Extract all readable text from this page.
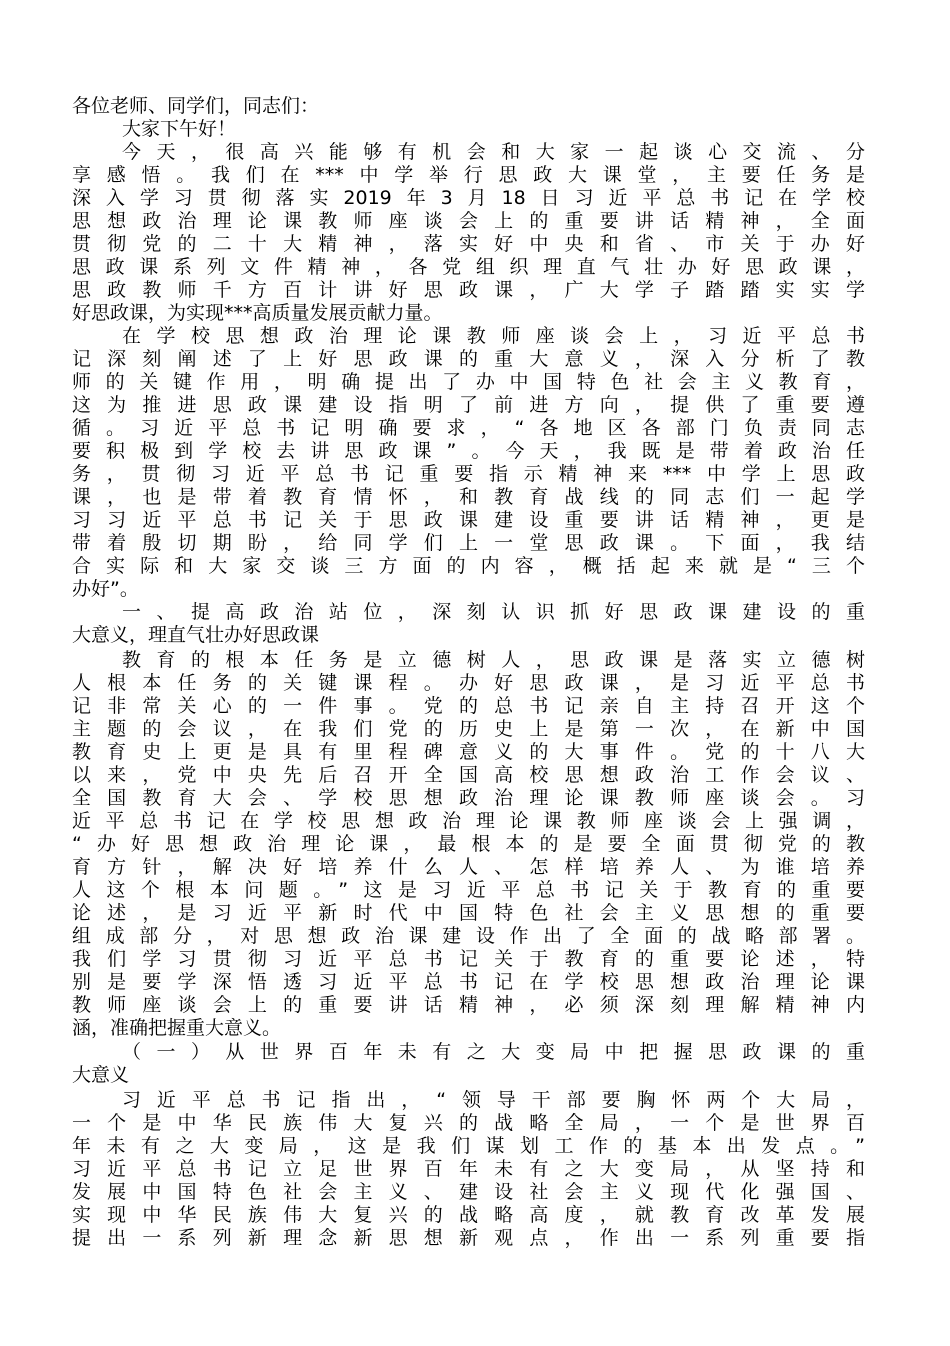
各位老师、同学们，同志们：
大家下午好！
今天，很高兴能够有机会和大家一起谈心交流、分
享感悟。我们在***中学举行思政大课堂，主要任务是
深入学习贯彻落实2019年3月18日习近平总书记在学校
思想政治理论课教师座谈会上的重要讲话精神，全面
贯彻党的二十大精神，落实好中央和省、市关于办好
思政课系列文件精神，各党组织理直气壮办好思政课，
思政教师千方百计讲好思政课，广大学子踏踏实实学
好思政课，为实现***高质量发展贡献力量。
在学校思想政治理论课教师座谈会上，习近平总书
记深刻阐述了上好思政课的重大意义，深入分析了教
师的关键作用，明确提出了办中国特色社会主义教育，
这为推进思政课建设指明了前进方向，提供了重要遵
循。习近平总书记明确要求，“各地区各部门负责同志
要积极到学校去讲思政课”。今天，我既是带着政治任
务，贯彻习近平总书记重要指示精神来***中学上思政
课，也是带着教育情怀，和教育战线的同志们一起学
习习近平总书记关于思政课建设重要讲话精神，更是
带着殷切期盼，给同学们上一堂思政课。下面，我结
合实际和大家交谈三方面的内容，概括起来就是“三个
办好”。
一、提高政治站位，深刻认识抓好思政课建设的重
大意义，理直气壮办好思政课
教育的根本任务是立德树人，思政课是落实立德树
人根本任务的关键课程。办好思政课，是习近平总书
记非常关心的一件事。党的总书记亲自主持召开这个
主题的会议，在我们党的历史上是第一次，在新中国
教育史上更是具有里程碑意义的大事件。党的十八大
以来，党中央先后召开全国高校思想政治工作会议、
全国教育大会、学校思想政治理论课教师座谈会。习
近平总书记在学校思想政治理论课教师座谈会上强调，
“办好思想政治理论课，最根本的是要全面贯彻党的教
育方针，解决好培养什么人、怎样培养人、为谁培养
人这个根本问题。”这是习近平总书记关于教育的重要
论述，是习近平新时代中国特色社会主义思想的重要
组成部分，对思想政治课建设作出了全面的战略部署。
我们学习贯彻习近平总书记关于教育的重要论述，特
别是要学深悟透习近平总书记在学校思想政治理论课
教师座谈会上的重要讲话精神，必须深刻理解精神内
涵，准确把握重大意义。
（一）从世界百年未有之大变局中把握思政课的重
大意义
习近平总书记指出，“领导干部要胸怀两个大局，
一个是中华民族伟大复兴的战略全局，一个是世界百
年未有之大变局，这是我们谋划工作的基本出发点。”
习近平总书记立足世界百年未有之大变局，从坚持和
发展中国特色社会主义、建设社会主义现代化强国、
实现中华民族伟大复兴的战略高度，就教育改革发展
提出一系列新理念新思想新观点，作出一系列重要指
